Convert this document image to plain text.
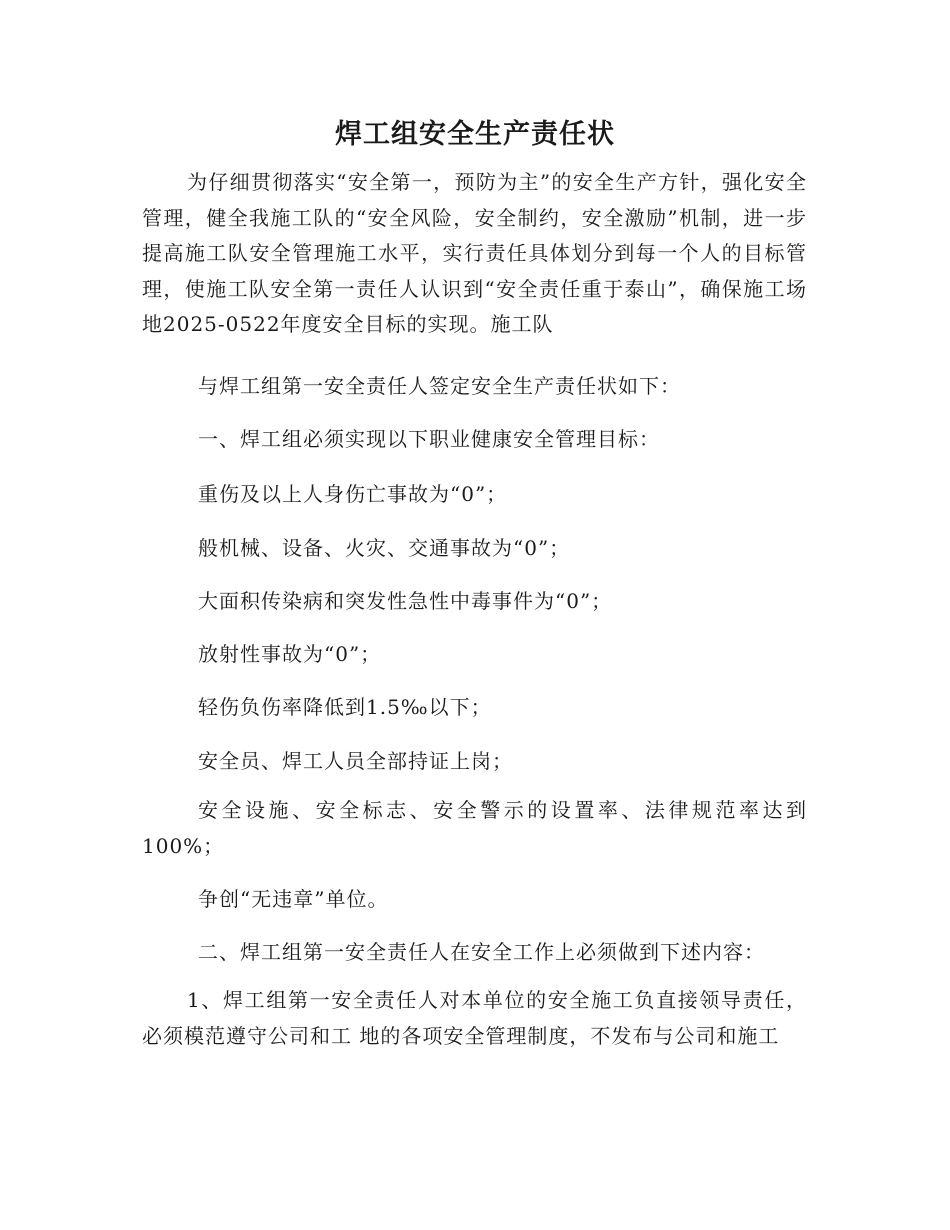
焊工组安全生产责任状

为仔细贯彻落实“安全第一，预防为主”的安全生产方针，强化安全管理，健全我施工队的“安全风险，安全制约，安全激励”机制，进一步提高施工队安全管理施工水平，实行责任具体划分到每一个人的目标管理，使施工队安全第一责任人认识到“安全责任重于泰山”，确保施工场地2025-0522年度安全目标的实现。施工队

与焊工组第一安全责任人签定安全生产责任状如下：

一、焊工组必须实现以下职业健康安全管理目标：

重伤及以上人身伤亡事故为“0”；

般机械、设备、火灾、交通事故为“0”；

大面积传染病和突发性急性中毒事件为“0”；

放射性事故为“0”；

轻伤负伤率降低到1.5‰以下；

安全员、焊工人员全部持证上岗；

安全设施、安全标志、安全警示的设置率、法律规范率达到100%；

争创“无违章”单位。

二、焊工组第一安全责任人在安全工作上必须做到下述内容：

1、焊工组第一安全责任人对本单位的安全施工负直接领导责任，必须模范遵守公司和工 地的各项安全管理制度，不发布与公司和施工
